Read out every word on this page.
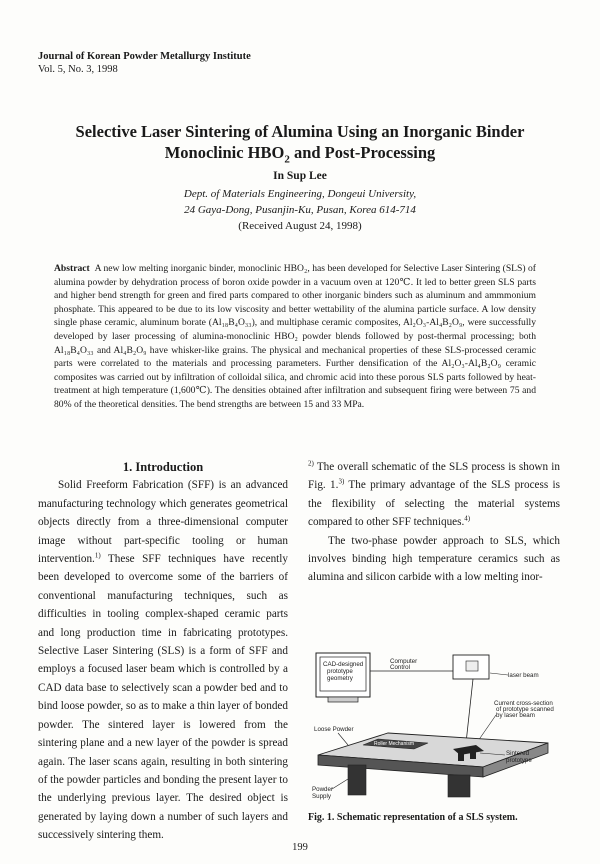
Journal of Korean Powder Metallurgy Institute
Vol. 5, No. 3, 1998
Selective Laser Sintering of Alumina Using an Inorganic Binder
Monoclinic $HBO_2$ and Post-Processing
In Sup Lee
Dept. of Materials Engineering, Dongeui University,
24 Gaya-Dong, Pusanjin-Ku, Pusan, Korea 614-714
(Received August 24, 1998)
Abstract A new low melting inorganic binder, monoclinic HBO₂, has been developed for Selective Laser Sintering (SLS) of alumina powder by dehydration process of boron oxide powder in a vacuum oven at 120℃. It led to better green SLS parts and higher bend strength for green and fired parts compared to other inorganic binders such as aluminum and ammmonium phosphate. This appeared to be due to its low viscosity and better wettability of the alumina particle surface. A low density single phase ceramic, aluminum borate (Al₁₈B₄O₃₃), and multiphase ceramic composites, Al₂O₃-Al₄B₂O₉, were successfully developed by laser processing of alumina-monoclinic HBO₂ powder blends followed by post-thermal processing; both Al₁₈B₄O₃₃ and Al₄B₂O₉ have whisker-like grains. The physical and mechanical properties of these SLS-processed ceramic parts were correlated to the materials and processing parameters. Further densification of the Al₂O₃-Al₄B₂O₉ ceramic composites was carried out by infiltration of colloidal silica, and chromic acid into these porous SLS parts followed by heat-treatment at high temperature (1,600℃). The densities obtained after infiltration and subsequent firing were between 75 and 80% of the theoretical densities. The bend strengths are between 15 and 33 MPa.

1. Introduction

Solid Freeform Fabrication (SFF) is an advanced manufacturing technology which generates geometrical objects directly from a three-dimensional computer image without part-specific tooling or human intervention.$^{1)}$ These SFF techniques have recently been developed to overcome some of the barriers of conventional manufacturing techniques, such as difficulties in tooling complex-shaped ceramic parts and long production time in fabricating prototypes. Selective Laser Sintering (SLS) is a form of SFF and employs a focused laser beam which is controlled by a CAD data base to selectively scan a powder bed and to bind loose powder, so as to make a thin layer of bonded powder. The sintered layer is lowered from the sintering plane and a new layer of the powder is spread again. The laser scans again, resulting in both sintering of the powder particles and bonding the present layer to the underlying previous layer. The desired object is generated by laying down a number of such layers and successively sintering them.

$^{2)}$ The overall schematic of the SLS process is shown in Fig. 1.$^{3)}$ The primary advantage of the SLS process is the flexibility of selecting the material systems compared to other SFF techniques.$^{4)}$

The two-phase powder approach to SLS, which involves binding high temperature ceramics such as alumina and silicon carbide with a low melting inor-

CAD-designed
prototype
geometry
Computer
Control
laser beam
Current cross-section
of prototype scanned
by laser beam
Loose Powder
Roller Mechanism
Sintered
prototype
Powder
Supply
Fig. 1. Schematic representation of a SLS system.
199
